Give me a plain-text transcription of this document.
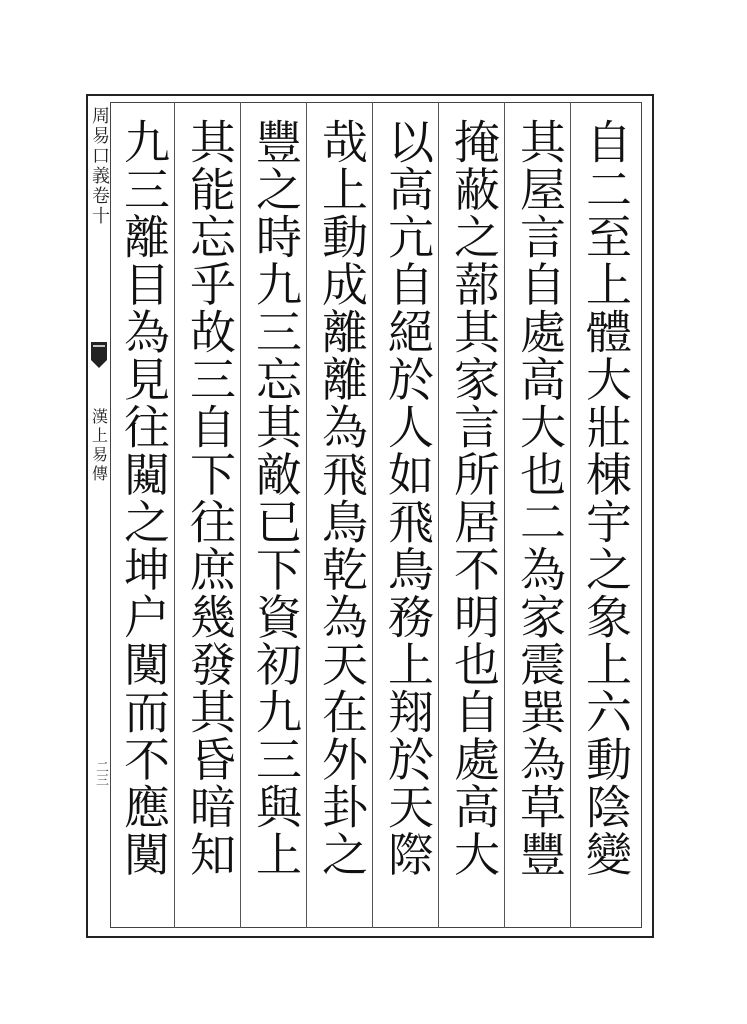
周易口義卷十
漢上易傳
二三
自二至上體大壯棟宇之象上六動陰變
其屋言自處高大也二為家震巽為草豐
掩蔽之蔀其家言所居不明也自處高大
以高亢自絕於人如飛鳥務上翔於天際
哉上動成離離為飛鳥乾為天在外卦之
豐之時九三忘其敵已下資初九三與上
其能忘乎故三自下往庶幾發其昏暗知
九三離目為見往闚之坤户闃而不應闃
